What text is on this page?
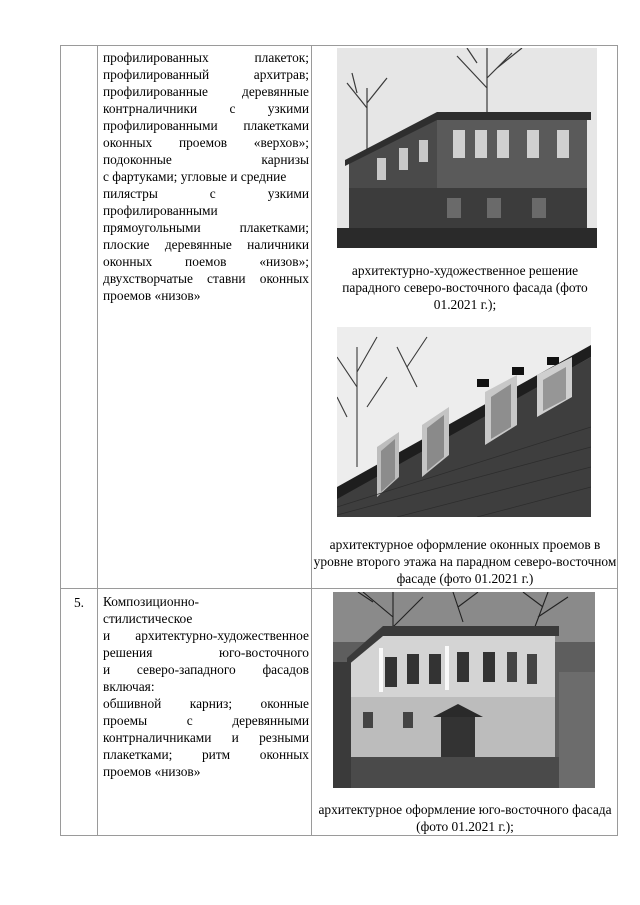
профилированных плакеток;
профилированный архитрав;
профилированные деревянные
контрналичники с узкими
профилированными плакетками
оконных проемов «верхов»;
подоконные карнизы
с фартуками; угловые и средние
пилястры с узкими
профилированными
прямоугольными плакетками;
плоские деревянные наличники
оконных поемов «низов»;
двухстворчатые ставни оконных
проемов «низов»
архитектурно-художественное решение парадного северо-восточного фасада (фото 01.2021 г.);
архитектурное оформление оконных проемов в уровне второго этажа на парадном северо-восточном фасаде (фото 01.2021 г.)
5.	Композиционно-
стилистическое
и архитектурно-художественное
решения юго-восточного
и северо-западного фасадов
включая:
обшивной карниз; оконные
проемы с деревянными
контрналичниками и резными
плакетками; ритм оконных
проемов «низов»
архитектурное оформление юго-восточного фасада (фото 01.2021 г.);
